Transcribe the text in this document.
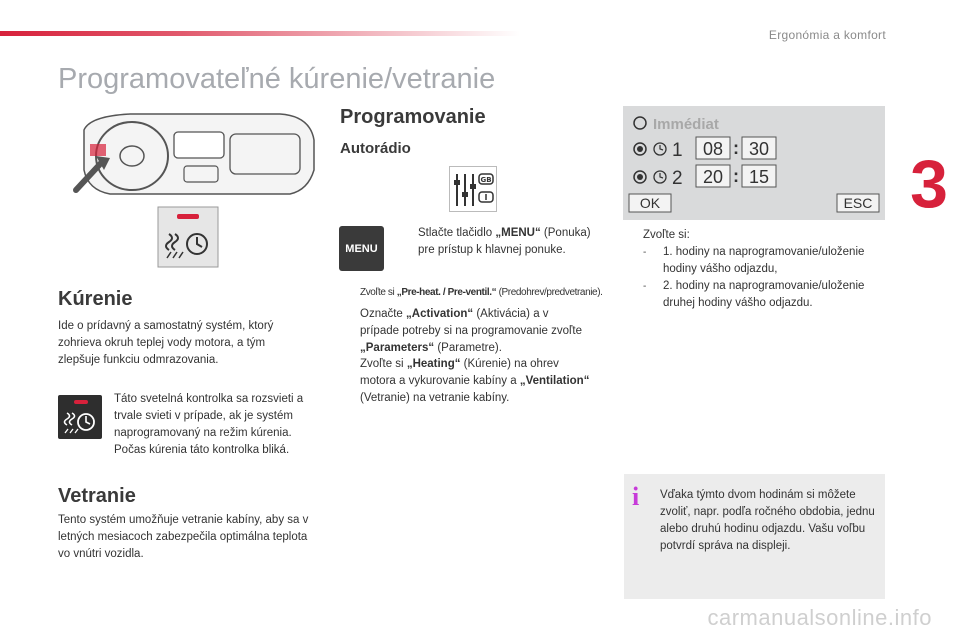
Ergonómia a komfort
3
Programovateľné kúrenie/vetranie
Kúrenie
Ide o prídavný a samostatný systém, ktorý zohrieva okruh teplej vody motora, a tým zlepšuje funkciu odmrazovania.
Táto svetelná kontrolka sa rozsvieti a trvale svieti v prípade, ak je systém naprogramovaný na režim kúrenia. Počas kúrenia táto kontrolka bliká.
Vetranie
Tento systém umožňuje vetranie kabíny, aby sa v letných mesiacoch zabezpečila optimálna teplota vo vnútri vozidla.
Programovanie
Autorádio
GB
MENU
Stlačte tlačidlo „MENU“ (Ponuka) pre prístup k hlavnej ponuke.
Zvoľte si „Pre-heat. / Pre-ventil.“ (Predohrev/predvetranie).
Označte „Activation“ (Aktivácia) a v prípade potreby si na programovanie zvoľte „Parameters“ (Parametre).
Zvoľte si „Heating“ (Kúrenie) na ohrev motora a vykurovanie kabíny a „Ventilation“ (Vetranie) na vetranie kabíny.
Immédiat
1 08 : 30
2 20 : 15
OK	ESC
Zvoľte si:
-	1. hodiny na naprogramovanie/uloženie hodiny vášho odjazdu,
-	2. hodiny na naprogramovanie/uloženie druhej hodiny vášho odjazdu.
i Vďaka týmto dvom hodinám si môžete zvoliť, napr. podľa ročného obdobia, jednu alebo druhú hodinu odjazdu. Vašu voľbu potvrdí správa na displeji.
carmanualsonline.info
